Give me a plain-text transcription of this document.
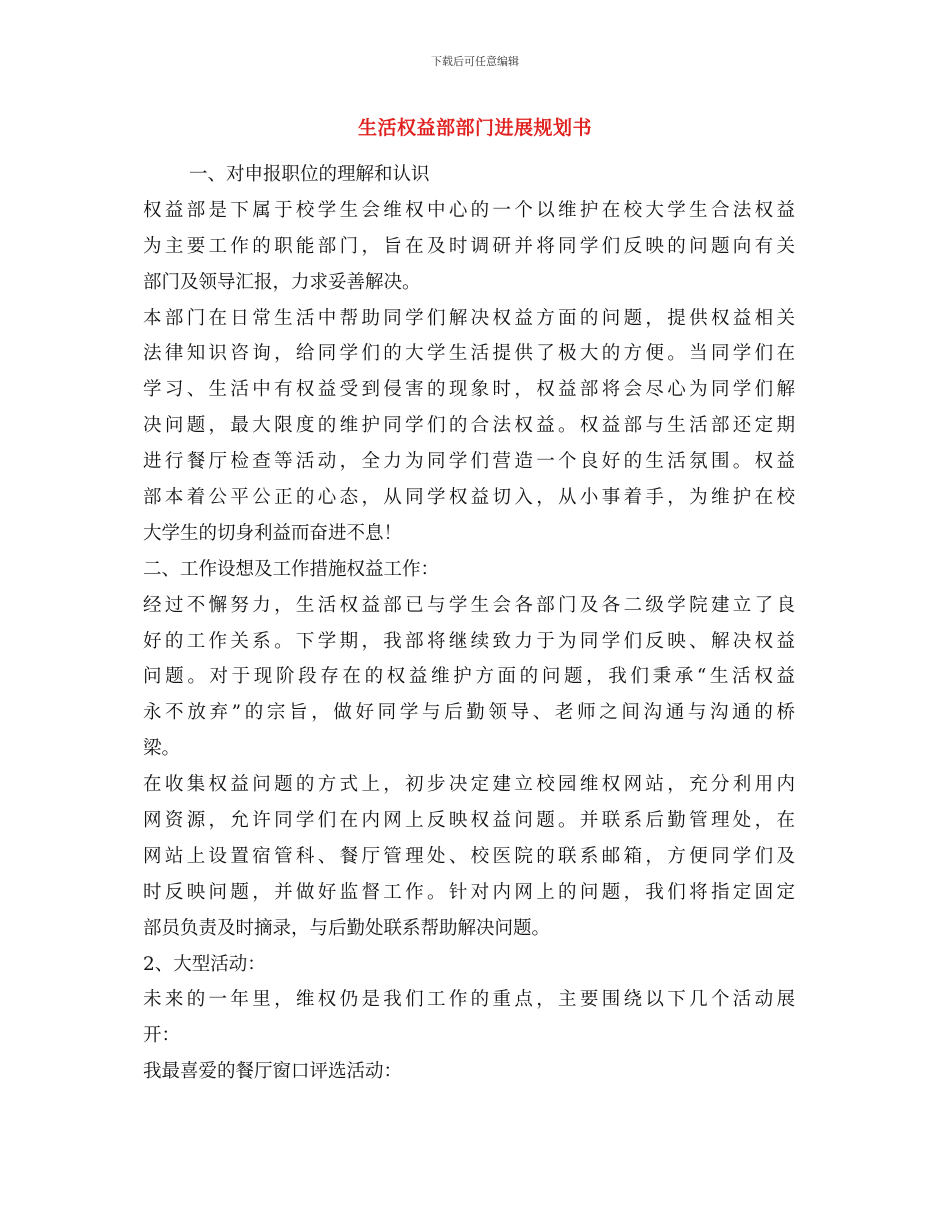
下载后可任意编辑
生活权益部部门进展规划书
一、对申报职位的理解和认识
权益部是下属于校学生会维权中心的一个以维护在校大学生合法权益
为主要工作的职能部门，旨在及时调研并将同学们反映的问题向有关
部门及领导汇报，力求妥善解决。
本部门在日常生活中帮助同学们解决权益方面的问题，提供权益相关
法律知识咨询，给同学们的大学生活提供了极大的方便。当同学们在
学习、生活中有权益受到侵害的现象时，权益部将会尽心为同学们解
决问题，最大限度的维护同学们的合法权益。权益部与生活部还定期
进行餐厅检查等活动，全力为同学们营造一个良好的生活氛围。权益
部本着公平公正的心态，从同学权益切入，从小事着手，为维护在校
大学生的切身利益而奋进不息！
二、工作设想及工作措施权益工作：
经过不懈努力，生活权益部已与学生会各部门及各二级学院建立了良
好的工作关系。下学期，我部将继续致力于为同学们反映、解决权益
问题。对于现阶段存在的权益维护方面的问题，我们秉承“生活权益
永不放弃”的宗旨，做好同学与后勤领导、老师之间沟通与沟通的桥
梁。
在收集权益问题的方式上，初步决定建立校园维权网站，充分利用内
网资源，允许同学们在内网上反映权益问题。并联系后勤管理处，在
网站上设置宿管科、餐厅管理处、校医院的联系邮箱，方便同学们及
时反映问题，并做好监督工作。针对内网上的问题，我们将指定固定
部员负责及时摘录，与后勤处联系帮助解决问题。
2、大型活动：
未来的一年里，维权仍是我们工作的重点，主要围绕以下几个活动展
开：
我最喜爱的餐厅窗口评选活动：
